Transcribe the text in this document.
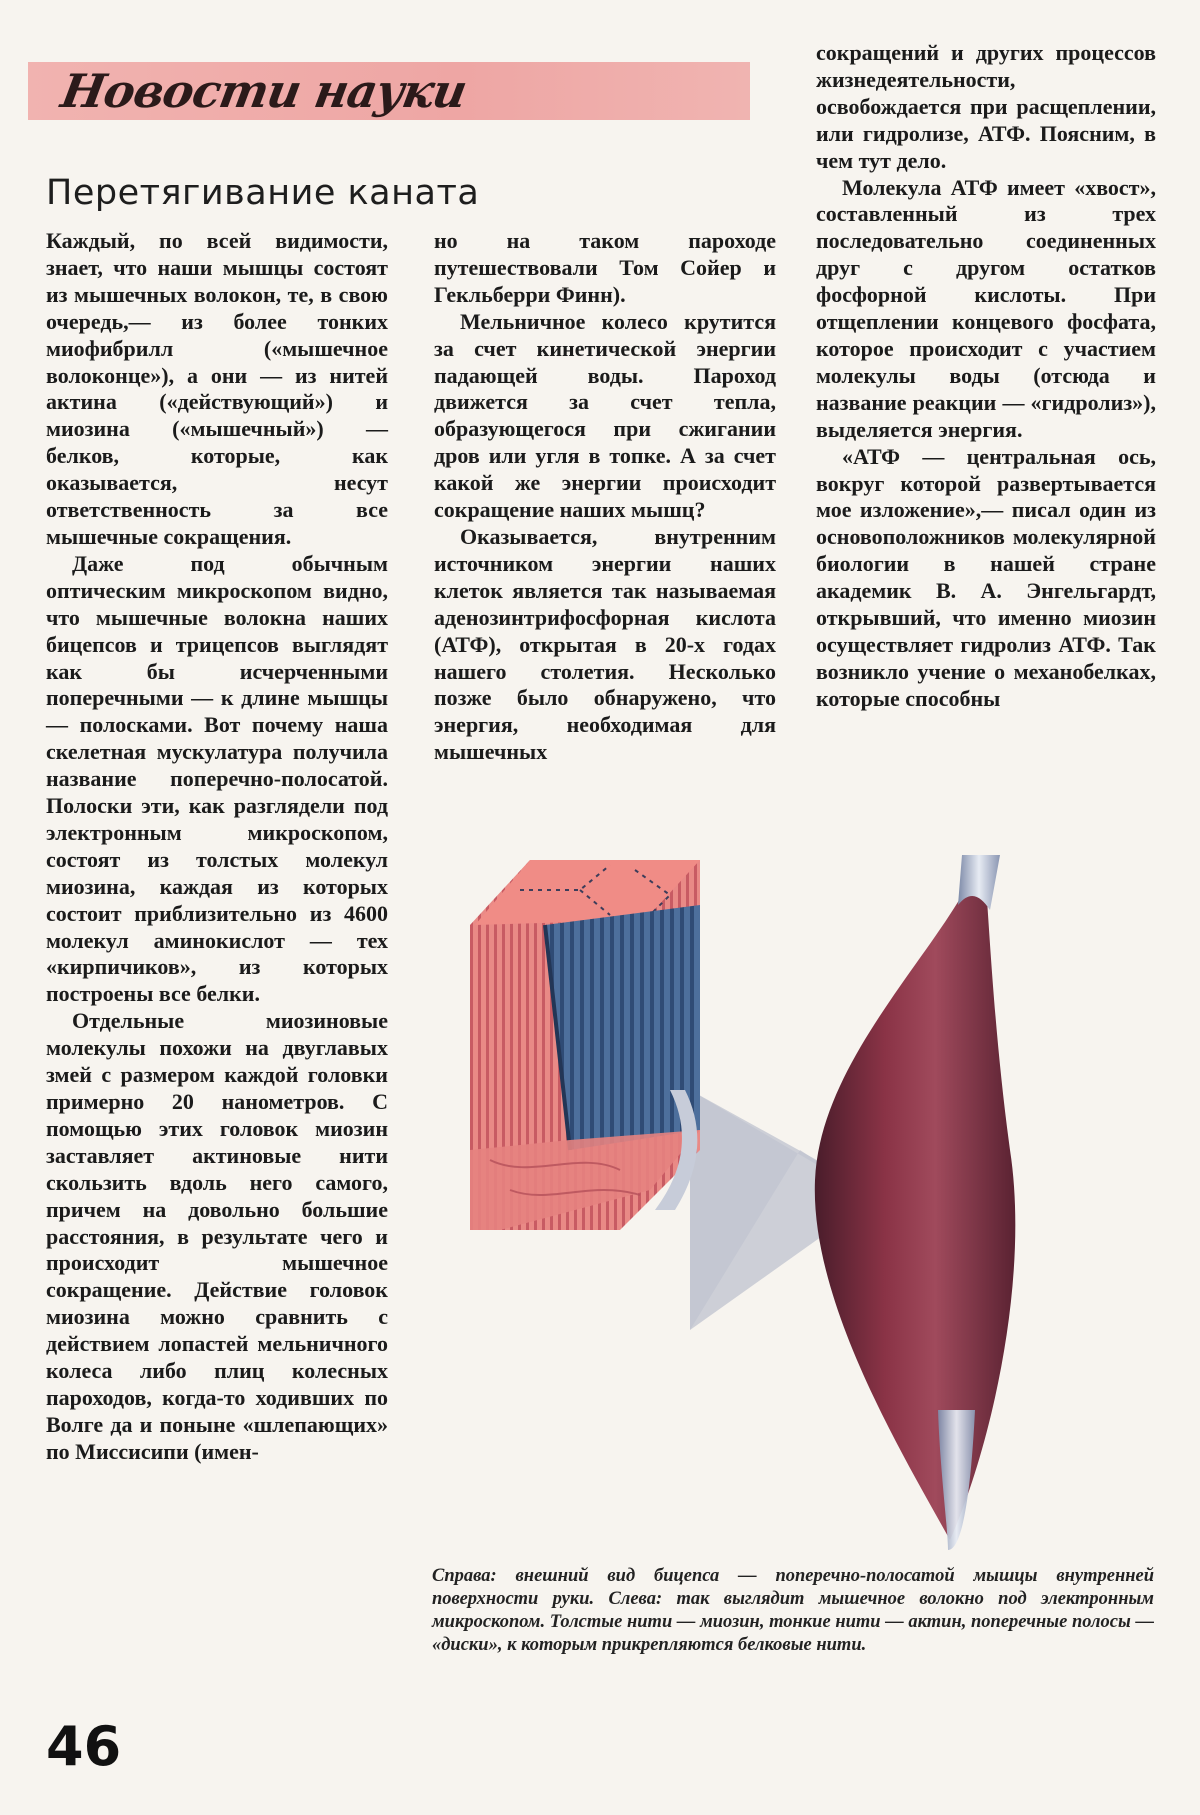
Новости науки
Перетягивание каната

Каждый, по всей видимости, знает, что наши мышцы состоят из мышечных волокон, те, в свою очередь,— из более тонких миофибрилл («мышечное волоконце»), а они — из нитей актина («действующий») и миозина («мышечный») — белков, которые, как оказывается, несут ответственность за все мышечные сокращения.

Даже под обычным оптическим микроскопом видно, что мышечные волокна наших бицепсов и трицепсов выглядят как бы исчерченными поперечными — к длине мышцы — полосками. Вот почему наша скелетная мускулатура получила название поперечно-полосатой. Полоски эти, как разглядели под электронным микроскопом, состоят из толстых молекул миозина, каждая из которых состоит приблизительно из 4600 молекул аминокислот — тех «кирпичиков», из которых построены все белки.

Отдельные миозиновые молекулы похожи на двуглавых змей с размером каждой головки примерно 20 нанометров. С помощью этих головок миозин заставляет актиновые нити скользить вдоль него самого, причем на довольно большие расстояния, в результате чего и происходит мышечное сокращение. Действие головок миозина можно сравнить с действием лопастей мельничного колеса либо плиц колесных пароходов, когда-то ходивших по Волге да и поныне «шлепающих» по Миссисипи (имен-

но на таком пароходе путешествовали Том Сойер и Гекльберри Финн).

Мельничное колесо крутится за счет кинетической энергии падающей воды. Пароход движется за счет тепла, образующегося при сжигании дров или угля в топке. А за счет какой же энергии происходит сокращение наших мышц?

Оказывается, внутренним источником энергии наших клеток является так называемая аденозинтрифосфорная кислота (АТФ), открытая в 20-х годах нашего столетия. Несколько позже было обнаружено, что энергия, необходимая для мышечных

сокращений и других процессов жизнедеятельности, освобождается при расщеплении, или гидролизе, АТФ. Поясним, в чем тут дело.

Молекула АТФ имеет «хвост», составленный из трех последовательно соединенных друг с другом остатков фосфорной кислоты. При отщеплении концевого фосфата, которое происходит с участием молекулы воды (отсюда и название реакции — «гидролиз»), выделяется энергия.

«АТФ — центральная ось, вокруг которой развертывается мое изложение»,— писал один из основоположников молекулярной биологии в нашей стране академик В. А. Энгельгардт, открывший, что именно миозин осуществляет гидролиз АТФ. Так возникло учение о механобелках, которые способны

Справа: внешний вид бицепса — поперечно-полосатой мышцы внутренней поверхности руки. Слева: так выглядит мышечное волокно под электронным микроскопом. Толстые нити — миозин, тонкие нити — актин, поперечные полосы — «диски», к которым прикрепляются белковые нити.
46
